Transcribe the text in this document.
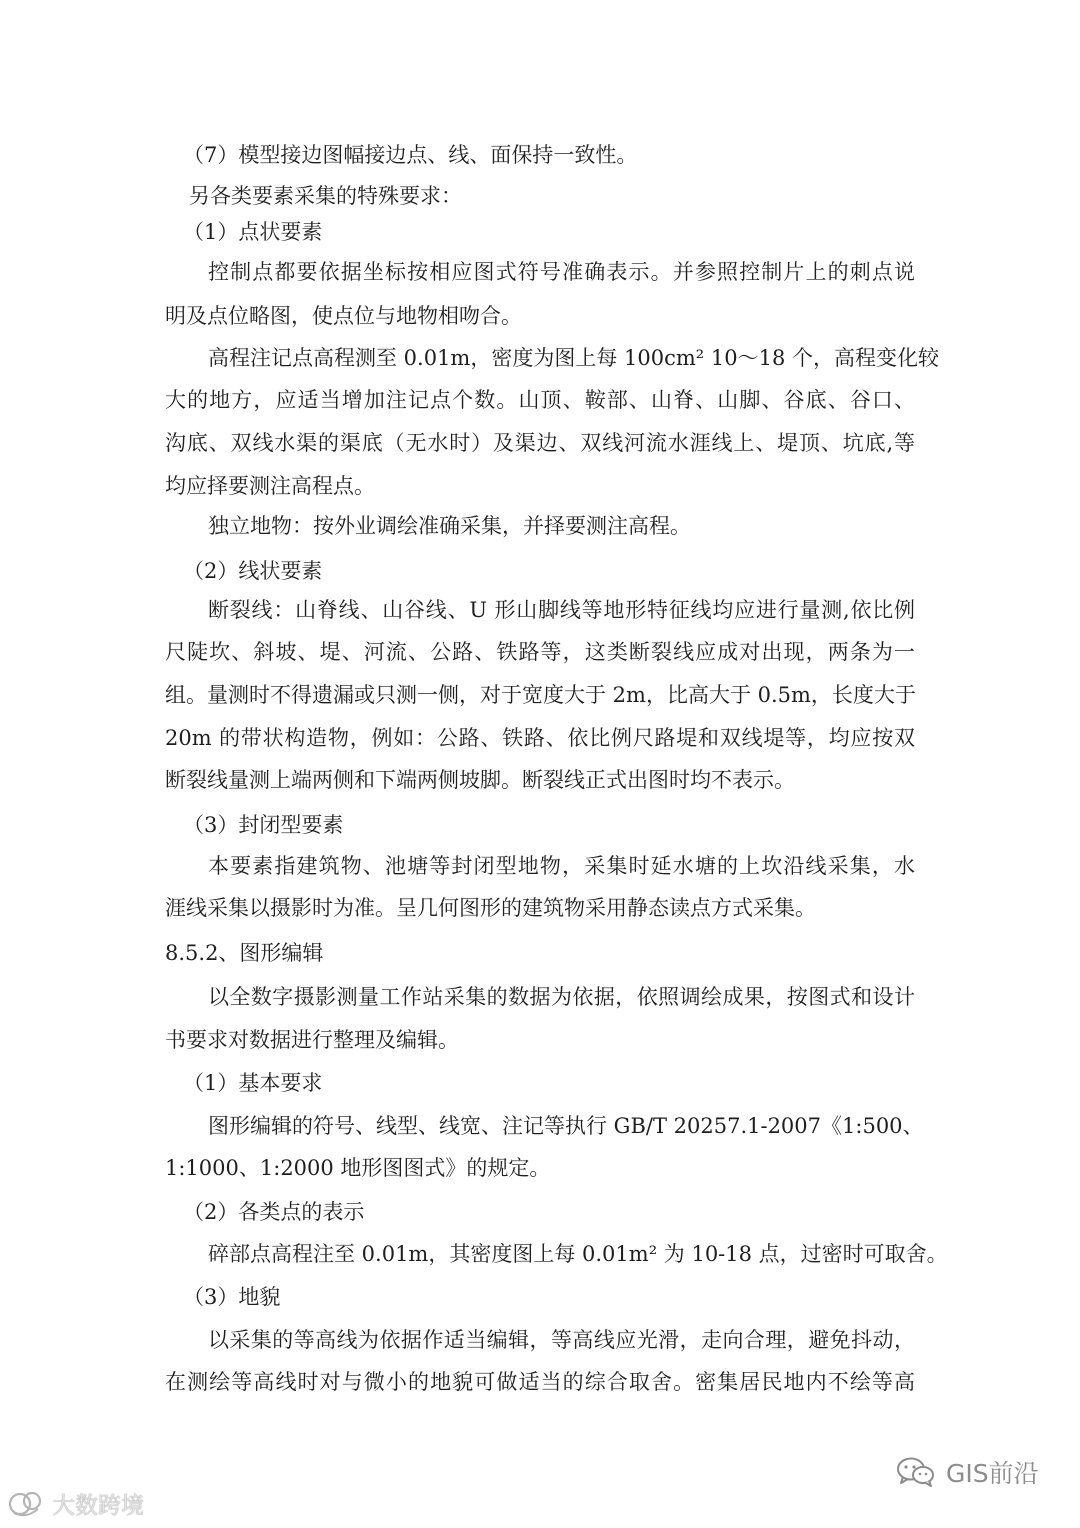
（7）模型接边图幅接边点、线、面保持一致性。
另各类要素采集的特殊要求：
（1）点状要素
控制点都要依据坐标按相应图式符号准确表示。并参照控制片上的刺点说
明及点位略图，使点位与地物相吻合。
高程注记点高程测至 0.01m，密度为图上每 100cm² 10～18 个，高程变化较
大的地方，应适当增加注记点个数。山顶、鞍部、山脊、山脚、谷底、谷口、
沟底、双线水渠的渠底（无水时）及渠边、双线河流水涯线上、堤顶、坑底,等
均应择要测注高程点。
独立地物：按外业调绘准确采集，并择要测注高程。
（2）线状要素
断裂线：山脊线、山谷线、U 形山脚线等地形特征线均应进行量测,依比例
尺陡坎、斜坡、堤、河流、公路、铁路等，这类断裂线应成对出现，两条为一
组。量测时不得遗漏或只测一侧，对于宽度大于 2m，比高大于 0.5m，长度大于
20m 的带状构造物，例如：公路、铁路、依比例尺路堤和双线堤等，均应按双
断裂线量测上端两侧和下端两侧坡脚。断裂线正式出图时均不表示。
（3）封闭型要素
本要素指建筑物、池塘等封闭型地物，采集时延水塘的上坎沿线采集，水
涯线采集以摄影时为准。呈几何图形的建筑物采用静态读点方式采集。
8.5.2、图形编辑
以全数字摄影测量工作站采集的数据为依据，依照调绘成果，按图式和设计
书要求对数据进行整理及编辑。
（1）基本要求
图形编辑的符号、线型、线宽、注记等执行 GB/T 20257.1-2007《1:500、
1:1000、1:2000 地形图图式》的规定。
（2）各类点的表示
碎部点高程注至 0.01m，其密度图上每 0.01m² 为 10-18 点，过密时可取舍。
（3）地貌
以采集的等高线为依据作适当编辑，等高线应光滑，走向合理，避免抖动，
在测绘等高线时对与微小的地貌可做适当的综合取舍。密集居民地内不绘等高
GIS前沿
大数跨境
